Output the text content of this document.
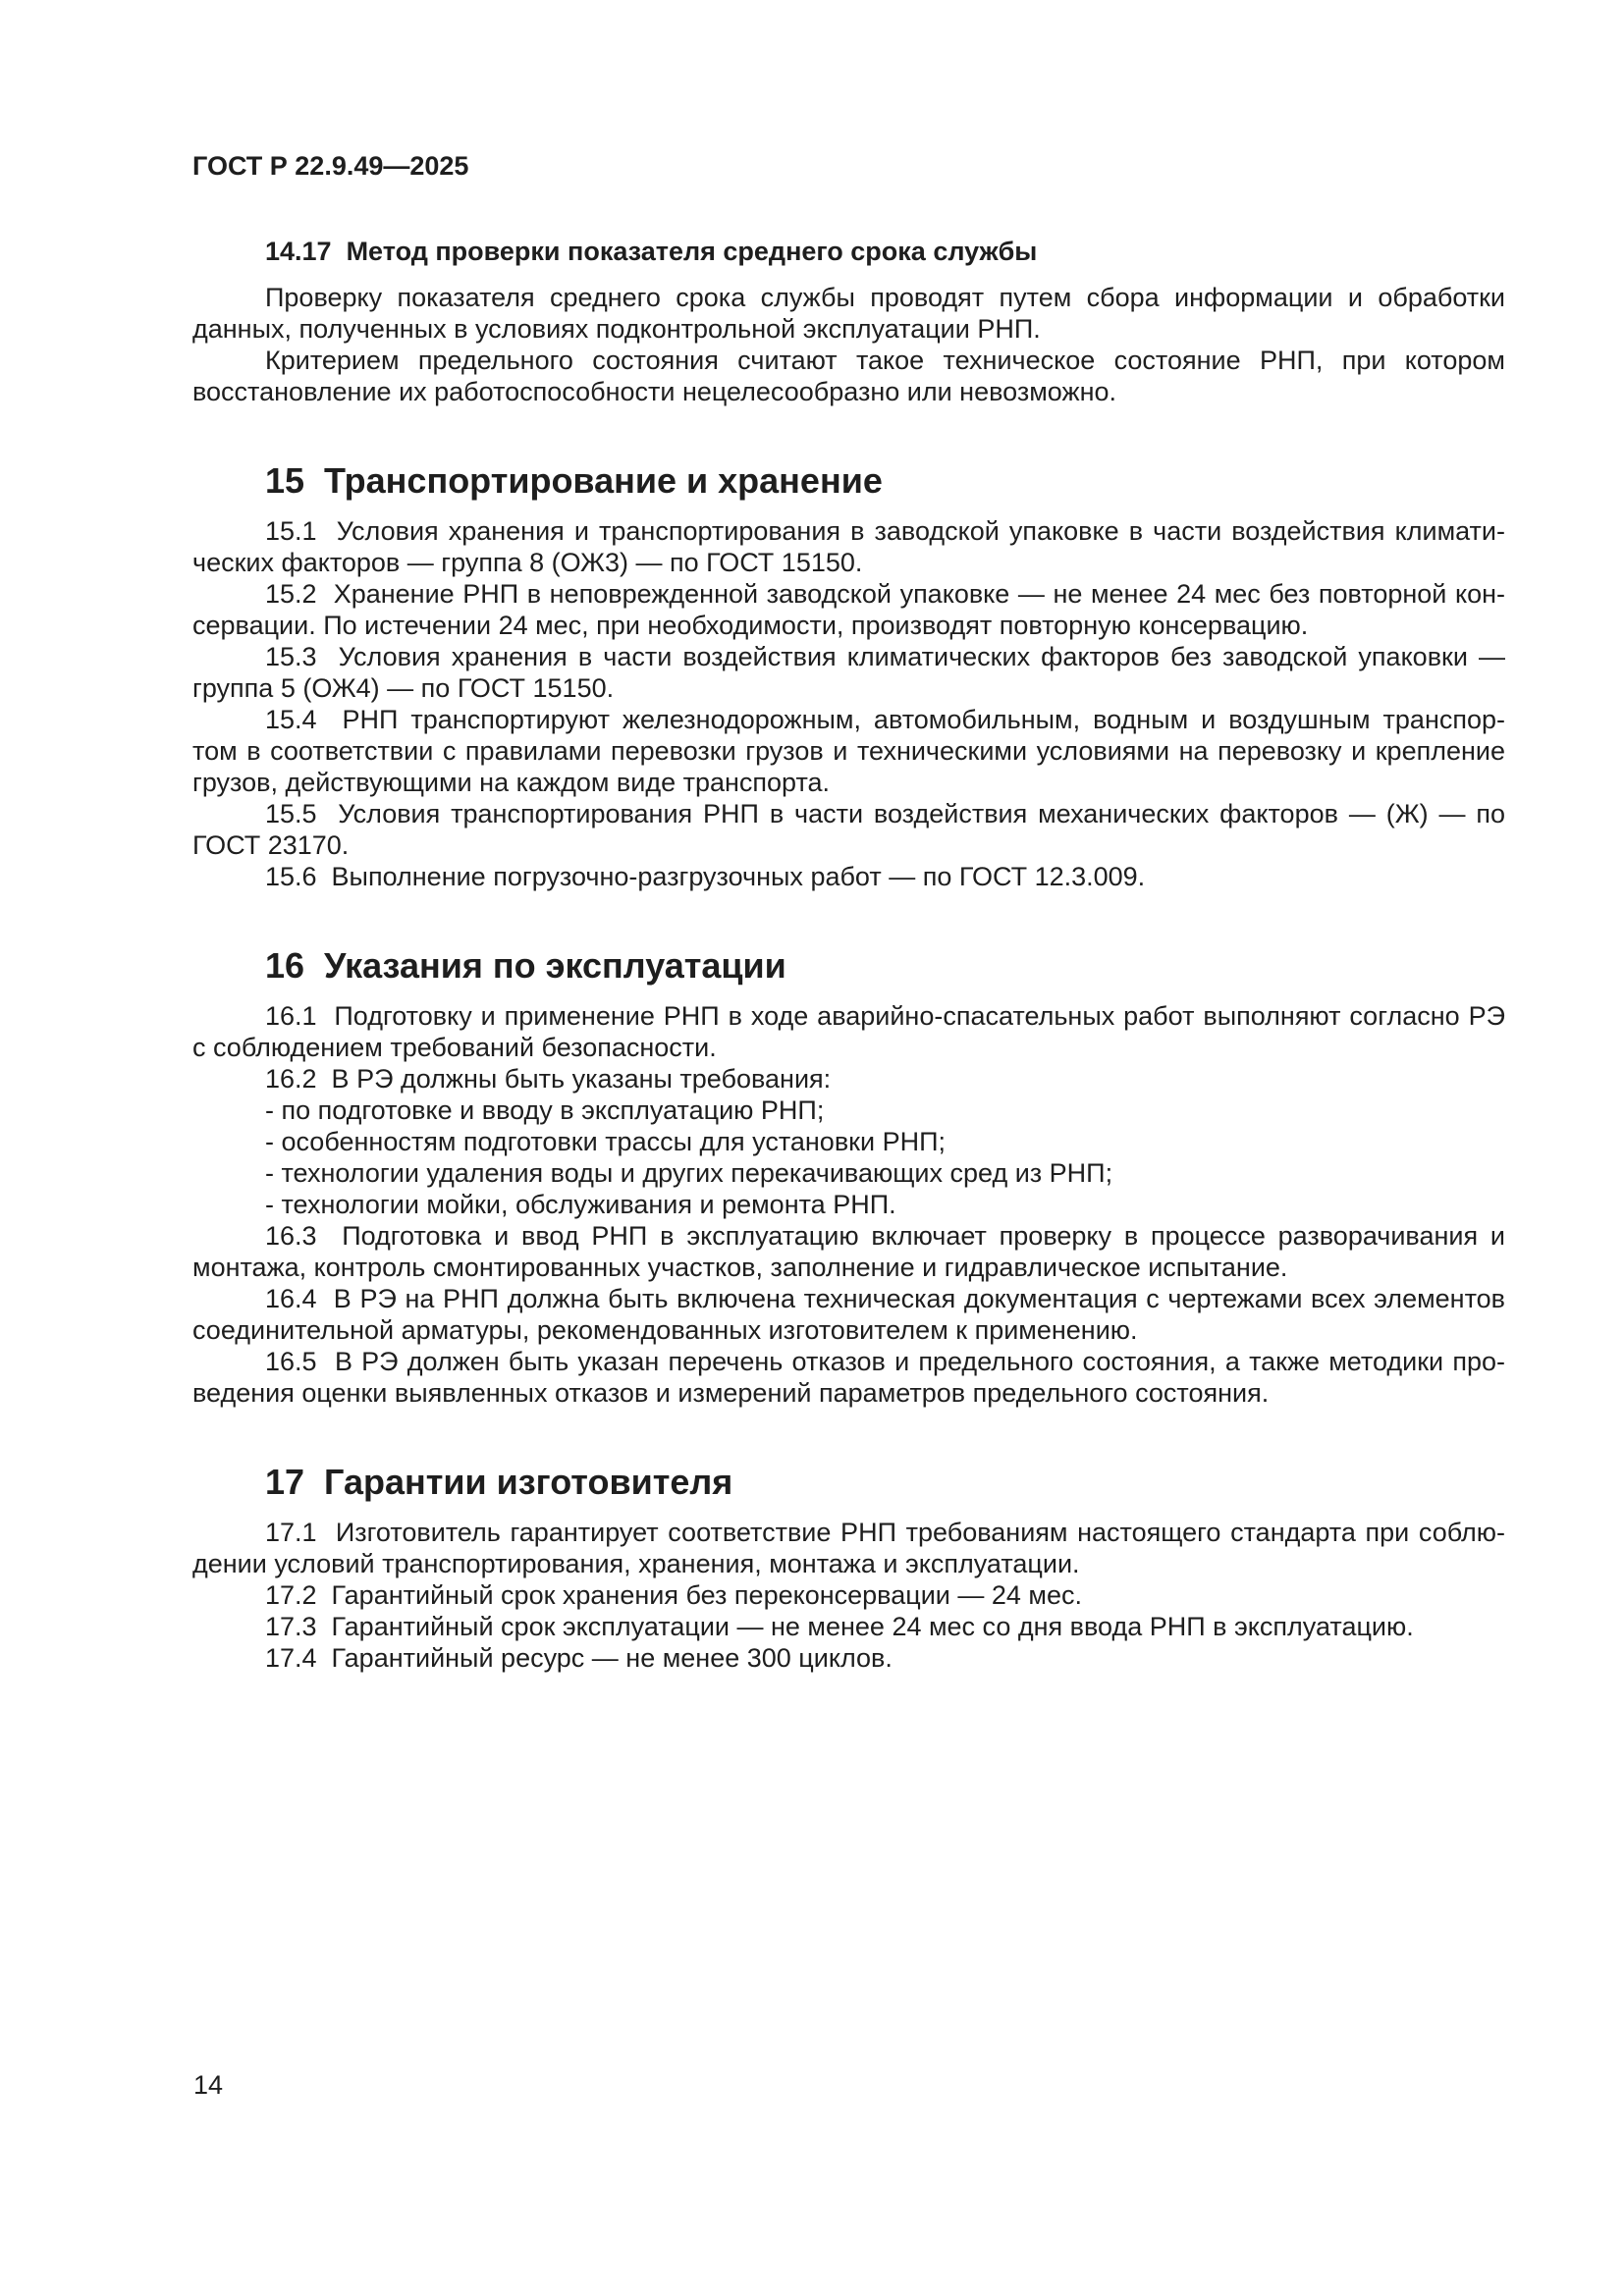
ГОСТ Р 22.9.49—2025
14.17  Метод проверки показателя среднего срока службы
Проверку показателя среднего срока службы проводят путем сбора информации и обработки
данных, полученных в условиях подконтрольной эксплуатации РНП.
Критерием предельного состояния считают такое техническое состояние РНП, при котором
восстановление их работоспособности нецелесообразно или невозможно.
15  Транспортирование и хранение
15.1  Условия хранения и транспортирования в заводской упаковке в части воздействия климати-
ческих факторов — группа 8 (ОЖ3) — по ГОСТ 15150.
15.2  Хранение РНП в неповрежденной заводской упаковке — не менее 24 мес без повторной кон-
сервации. По истечении 24 мес, при необходимости, производят повторную консервацию.
15.3  Условия хранения в части воздействия климатических факторов без заводской упаковки —
группа 5 (ОЖ4) — по ГОСТ 15150.
15.4  РНП транспортируют железнодорожным, автомобильным, водным и воздушным транспор-
том в соответствии с правилами перевозки грузов и техническими условиями на перевозку и крепление
грузов, действующими на каждом виде транспорта.
15.5  Условия транспортирования РНП в части воздействия механических факторов — (Ж) — по
ГОСТ 23170.
15.6  Выполнение погрузочно-разгрузочных работ — по ГОСТ 12.3.009.
16  Указания по эксплуатации
16.1  Подготовку и применение РНП в ходе аварийно-спасательных работ выполняют согласно РЭ
с соблюдением требований безопасности.
16.2  В РЭ должны быть указаны требования:
- по подготовке и вводу в эксплуатацию РНП;
- особенностям подготовки трассы для установки РНП;
- технологии удаления воды и других перекачивающих сред из РНП;
- технологии мойки, обслуживания и ремонта РНП.
16.3  Подготовка и ввод РНП в эксплуатацию включает проверку в процессе разворачивания и
монтажа, контроль смонтированных участков, заполнение и гидравлическое испытание.
16.4  В РЭ на РНП должна быть включена техническая документация с чертежами всех элементов
соединительной арматуры, рекомендованных изготовителем к применению.
16.5  В РЭ должен быть указан перечень отказов и предельного состояния, а также методики про-
ведения оценки выявленных отказов и измерений параметров предельного состояния.
17  Гарантии изготовителя
17.1  Изготовитель гарантирует соответствие РНП требованиям настоящего стандарта при соблю-
дении условий транспортирования, хранения, монтажа и эксплуатации.
17.2  Гарантийный срок хранения без переконсервации — 24 мес.
17.3  Гарантийный срок эксплуатации — не менее 24 мес со дня ввода РНП в эксплуатацию.
17.4  Гарантийный ресурс — не менее 300 циклов.
14
